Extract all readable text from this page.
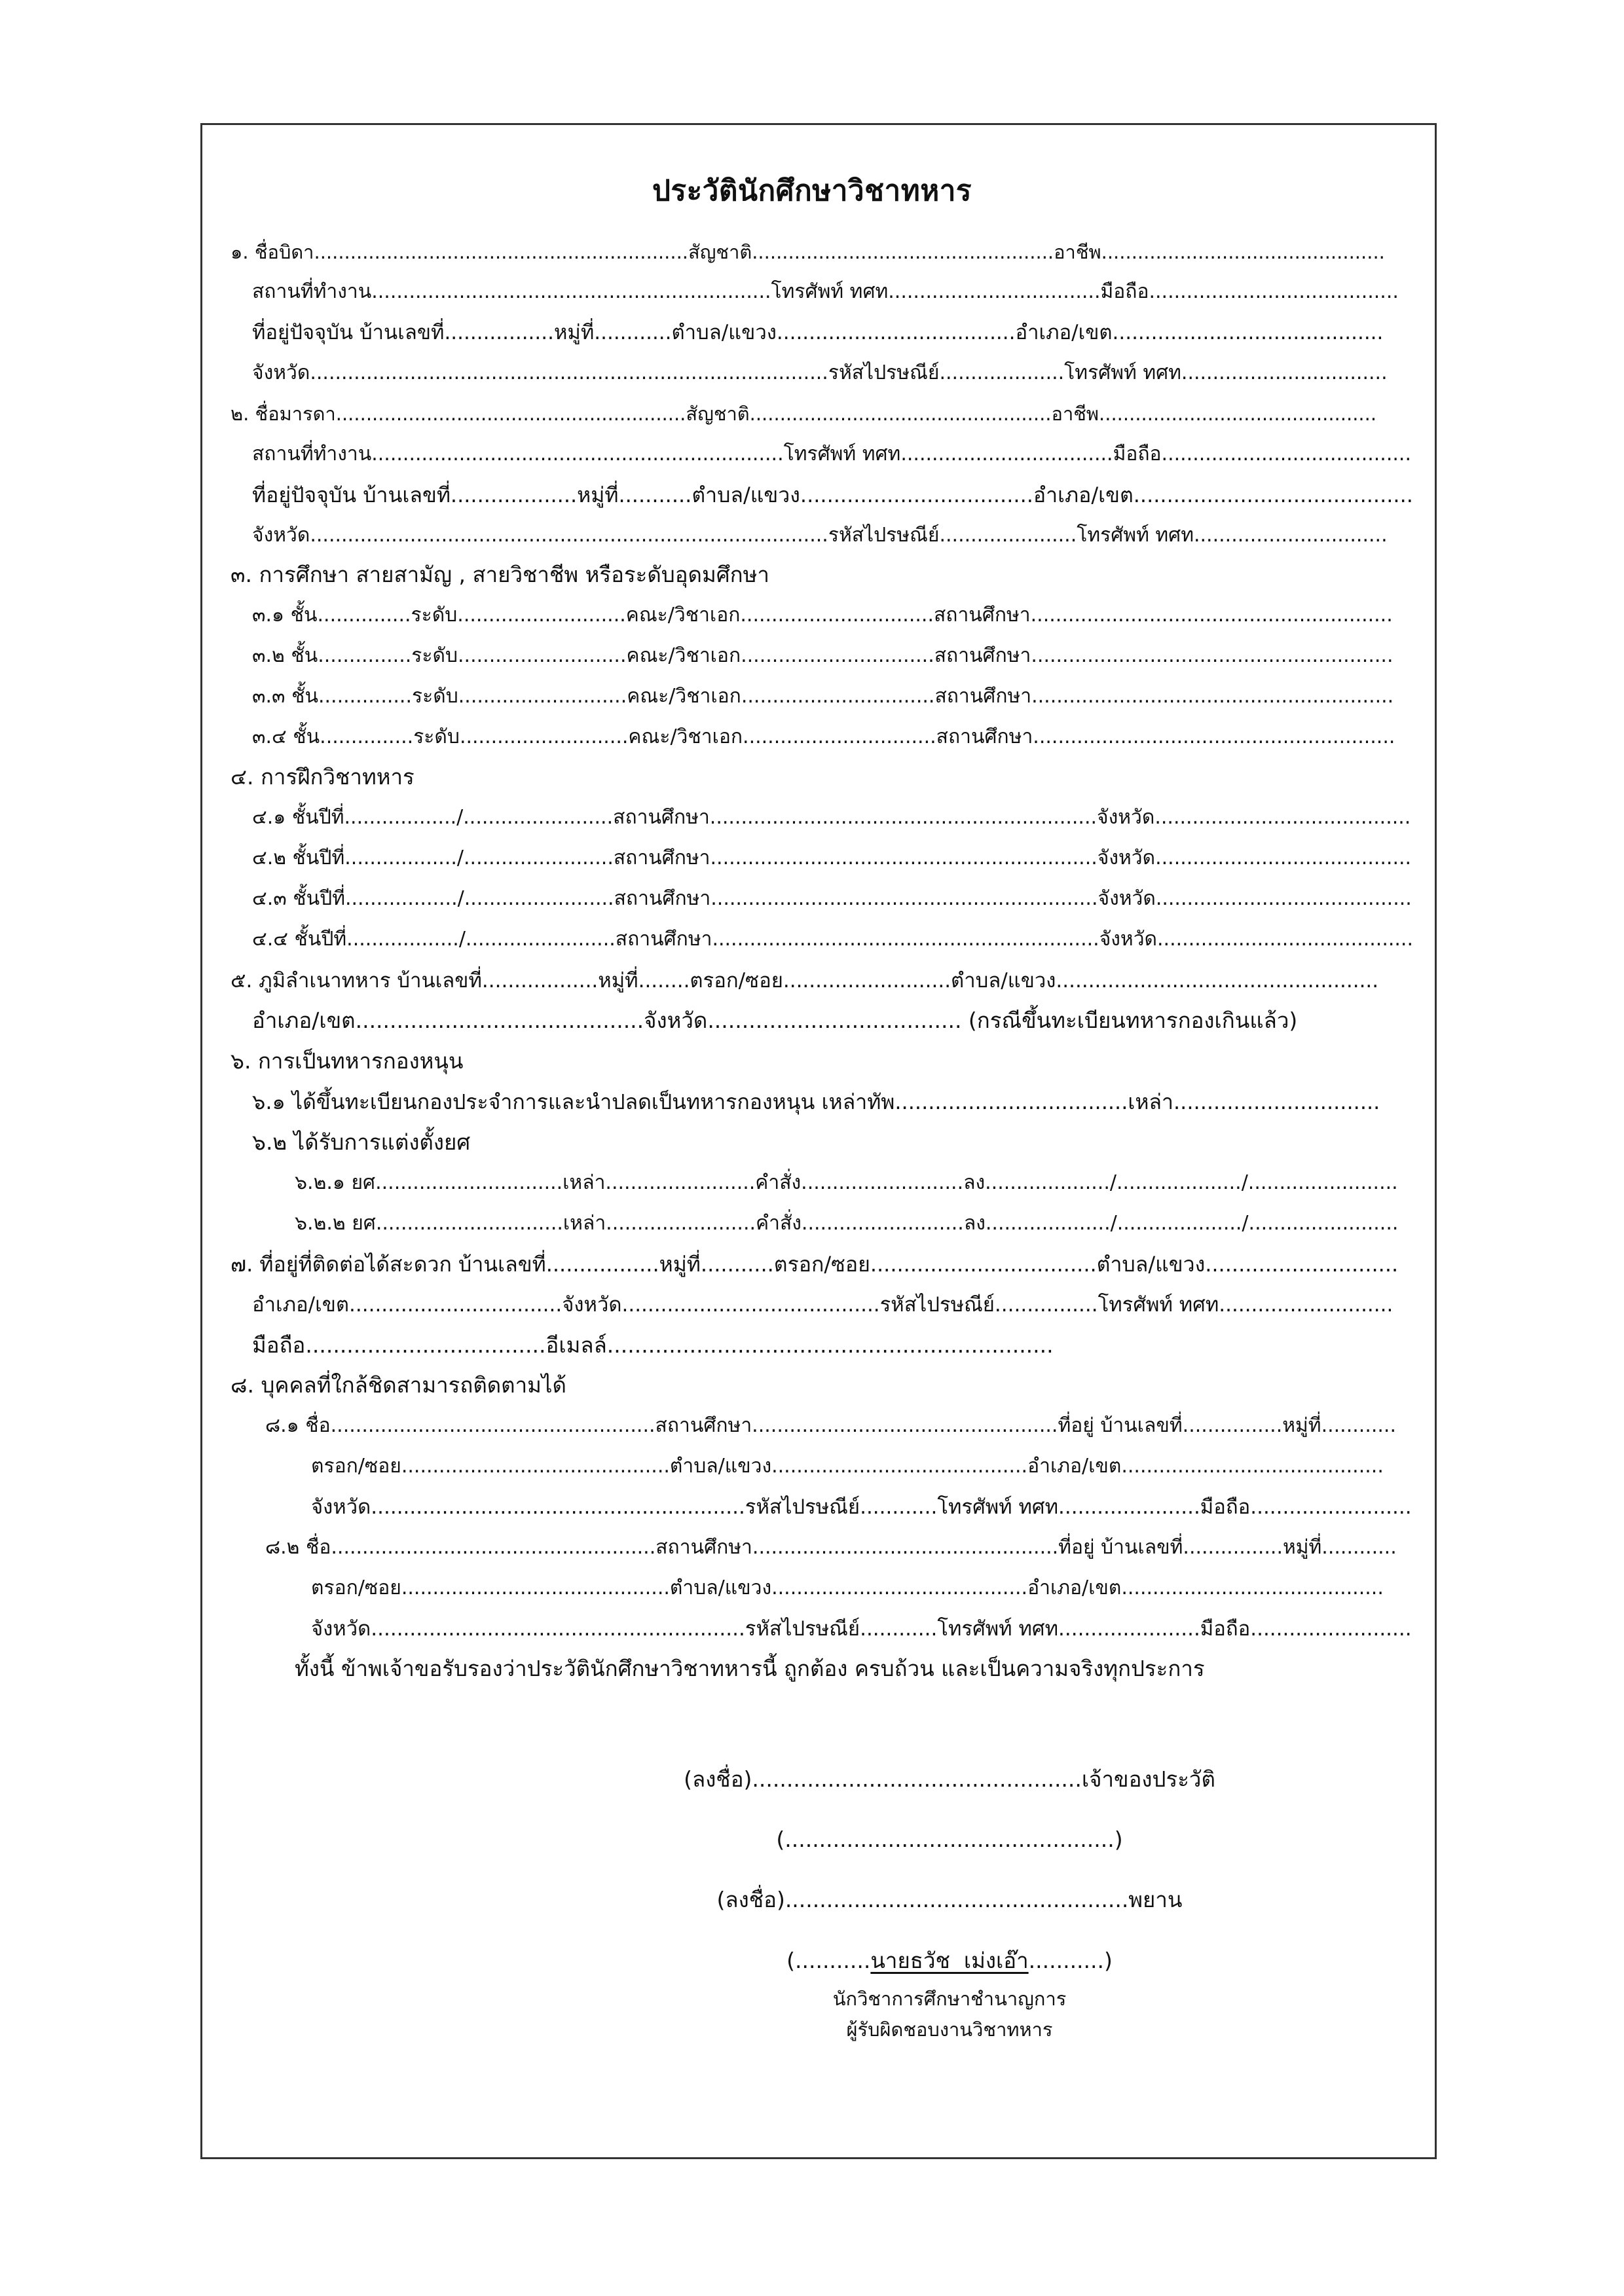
ประวัตินักศึกษาวิชาทหาร
๑. ชื่อบิดา..............................................................สัญชาติ..................................................อาชีพ...............................................
สถานที่ทำงาน................................................................โทรศัพท์ ทศท..................................มือถือ........................................
ที่อยู่ปัจจุบัน บ้านเลขที่.................หมู่ที่............ตำบล/แขวง.....................................อำเภอ/เขต..........................................
จังหวัด...................................................................................รหัสไปรษณีย์....................โทรศัพท์ ทศท.................................
๒. ชื่อมารดา..........................................................สัญชาติ..................................................อาชีพ..............................................
สถานที่ทำงาน..................................................................โทรศัพท์ ทศท..................................มือถือ........................................
ที่อยู่ปัจจุบัน บ้านเลขที่...................หมู่ที่...........ตำบล/แขวง...................................อำเภอ/เขต..........................................
จังหวัด...................................................................................รหัสไปรษณีย์......................โทรศัพท์ ทศท...............................
๓. การศึกษา สายสามัญ , สายวิชาชีพ หรือระดับอุดมศึกษา
๓.๑ ชั้น...............ระดับ...........................คณะ/วิชาเอก...............................สถานศึกษา..........................................................
๓.๒ ชั้น...............ระดับ...........................คณะ/วิชาเอก...............................สถานศึกษา..........................................................
๓.๓ ชั้น...............ระดับ...........................คณะ/วิชาเอก...............................สถานศึกษา..........................................................
๓.๔ ชั้น...............ระดับ...........................คณะ/วิชาเอก...............................สถานศึกษา..........................................................
๔. การฝึกวิชาทหาร
๔.๑ ชั้นปีที่................../........................สถานศึกษา..............................................................จังหวัด.........................................
๔.๒ ชั้นปีที่................../........................สถานศึกษา..............................................................จังหวัด.........................................
๔.๓ ชั้นปีที่................../........................สถานศึกษา..............................................................จังหวัด.........................................
๔.๔ ชั้นปีที่................../........................สถานศึกษา..............................................................จังหวัด.........................................
๕. ภูมิลำเนาทหาร บ้านเลขที่..................หมู่ที่........ตรอก/ซอย..........................ตำบล/แขวง..................................................
อำเภอ/เขต..........................................จังหวัด..................................... (กรณีขึ้นทะเบียนทหารกองเกินแล้ว)
๖. การเป็นทหารกองหนุน
๖.๑ ได้ขึ้นทะเบียนกองประจำการและนำปลดเป็นทหารกองหนุน เหล่าทัพ...................................เหล่า...............................
๖.๒ ได้รับการแต่งตั้งยศ
๖.๒.๑ ยศ..............................เหล่า........................คำสั่ง..........................ลง..................../..................../........................
๖.๒.๒ ยศ..............................เหล่า........................คำสั่ง..........................ลง..................../..................../........................
๗. ที่อยู่ที่ติดต่อได้สะดวก บ้านเลขที่.................หมู่ที่...........ตรอก/ซอย..................................ตำบล/แขวง.............................
อำเภอ/เขต.................................จังหวัด........................................รหัสไปรษณีย์................โทรศัพท์ ทศท...........................
มือถือ...................................อีเมลล์.................................................................
๘. บุคคลที่ใกล้ชิดสามารถติดตามได้
๘.๑ ชื่อ....................................................สถานศึกษา.................................................ที่อยู่ บ้านเลขที่................หมู่ที่............
ตรอก/ซอย...........................................ตำบล/แขวง.........................................อำเภอ/เขต..........................................
จังหวัด..........................................................รหัสไปรษณีย์............โทรศัพท์ ทศท......................มือถือ.........................
๘.๒ ชื่อ....................................................สถานศึกษา.................................................ที่อยู่ บ้านเลขที่................หมู่ที่............
ตรอก/ซอย...........................................ตำบล/แขวง.........................................อำเภอ/เขต..........................................
จังหวัด..........................................................รหัสไปรษณีย์............โทรศัพท์ ทศท......................มือถือ.........................
ทั้งนี้ ข้าพเจ้าขอรับรองว่าประวัตินักศึกษาวิชาทหารนี้ ถูกต้อง ครบถ้วน และเป็นความจริงทุกประการ
(ลงชื่อ)................................................เจ้าของประวัติ
(................................................)
(ลงชื่อ)..................................................พยาน
(...........นายธวัช  เม่งเอ๊า...........)
นักวิชาการศึกษาชำนาญการ
ผู้รับผิดชอบงานวิชาทหาร
